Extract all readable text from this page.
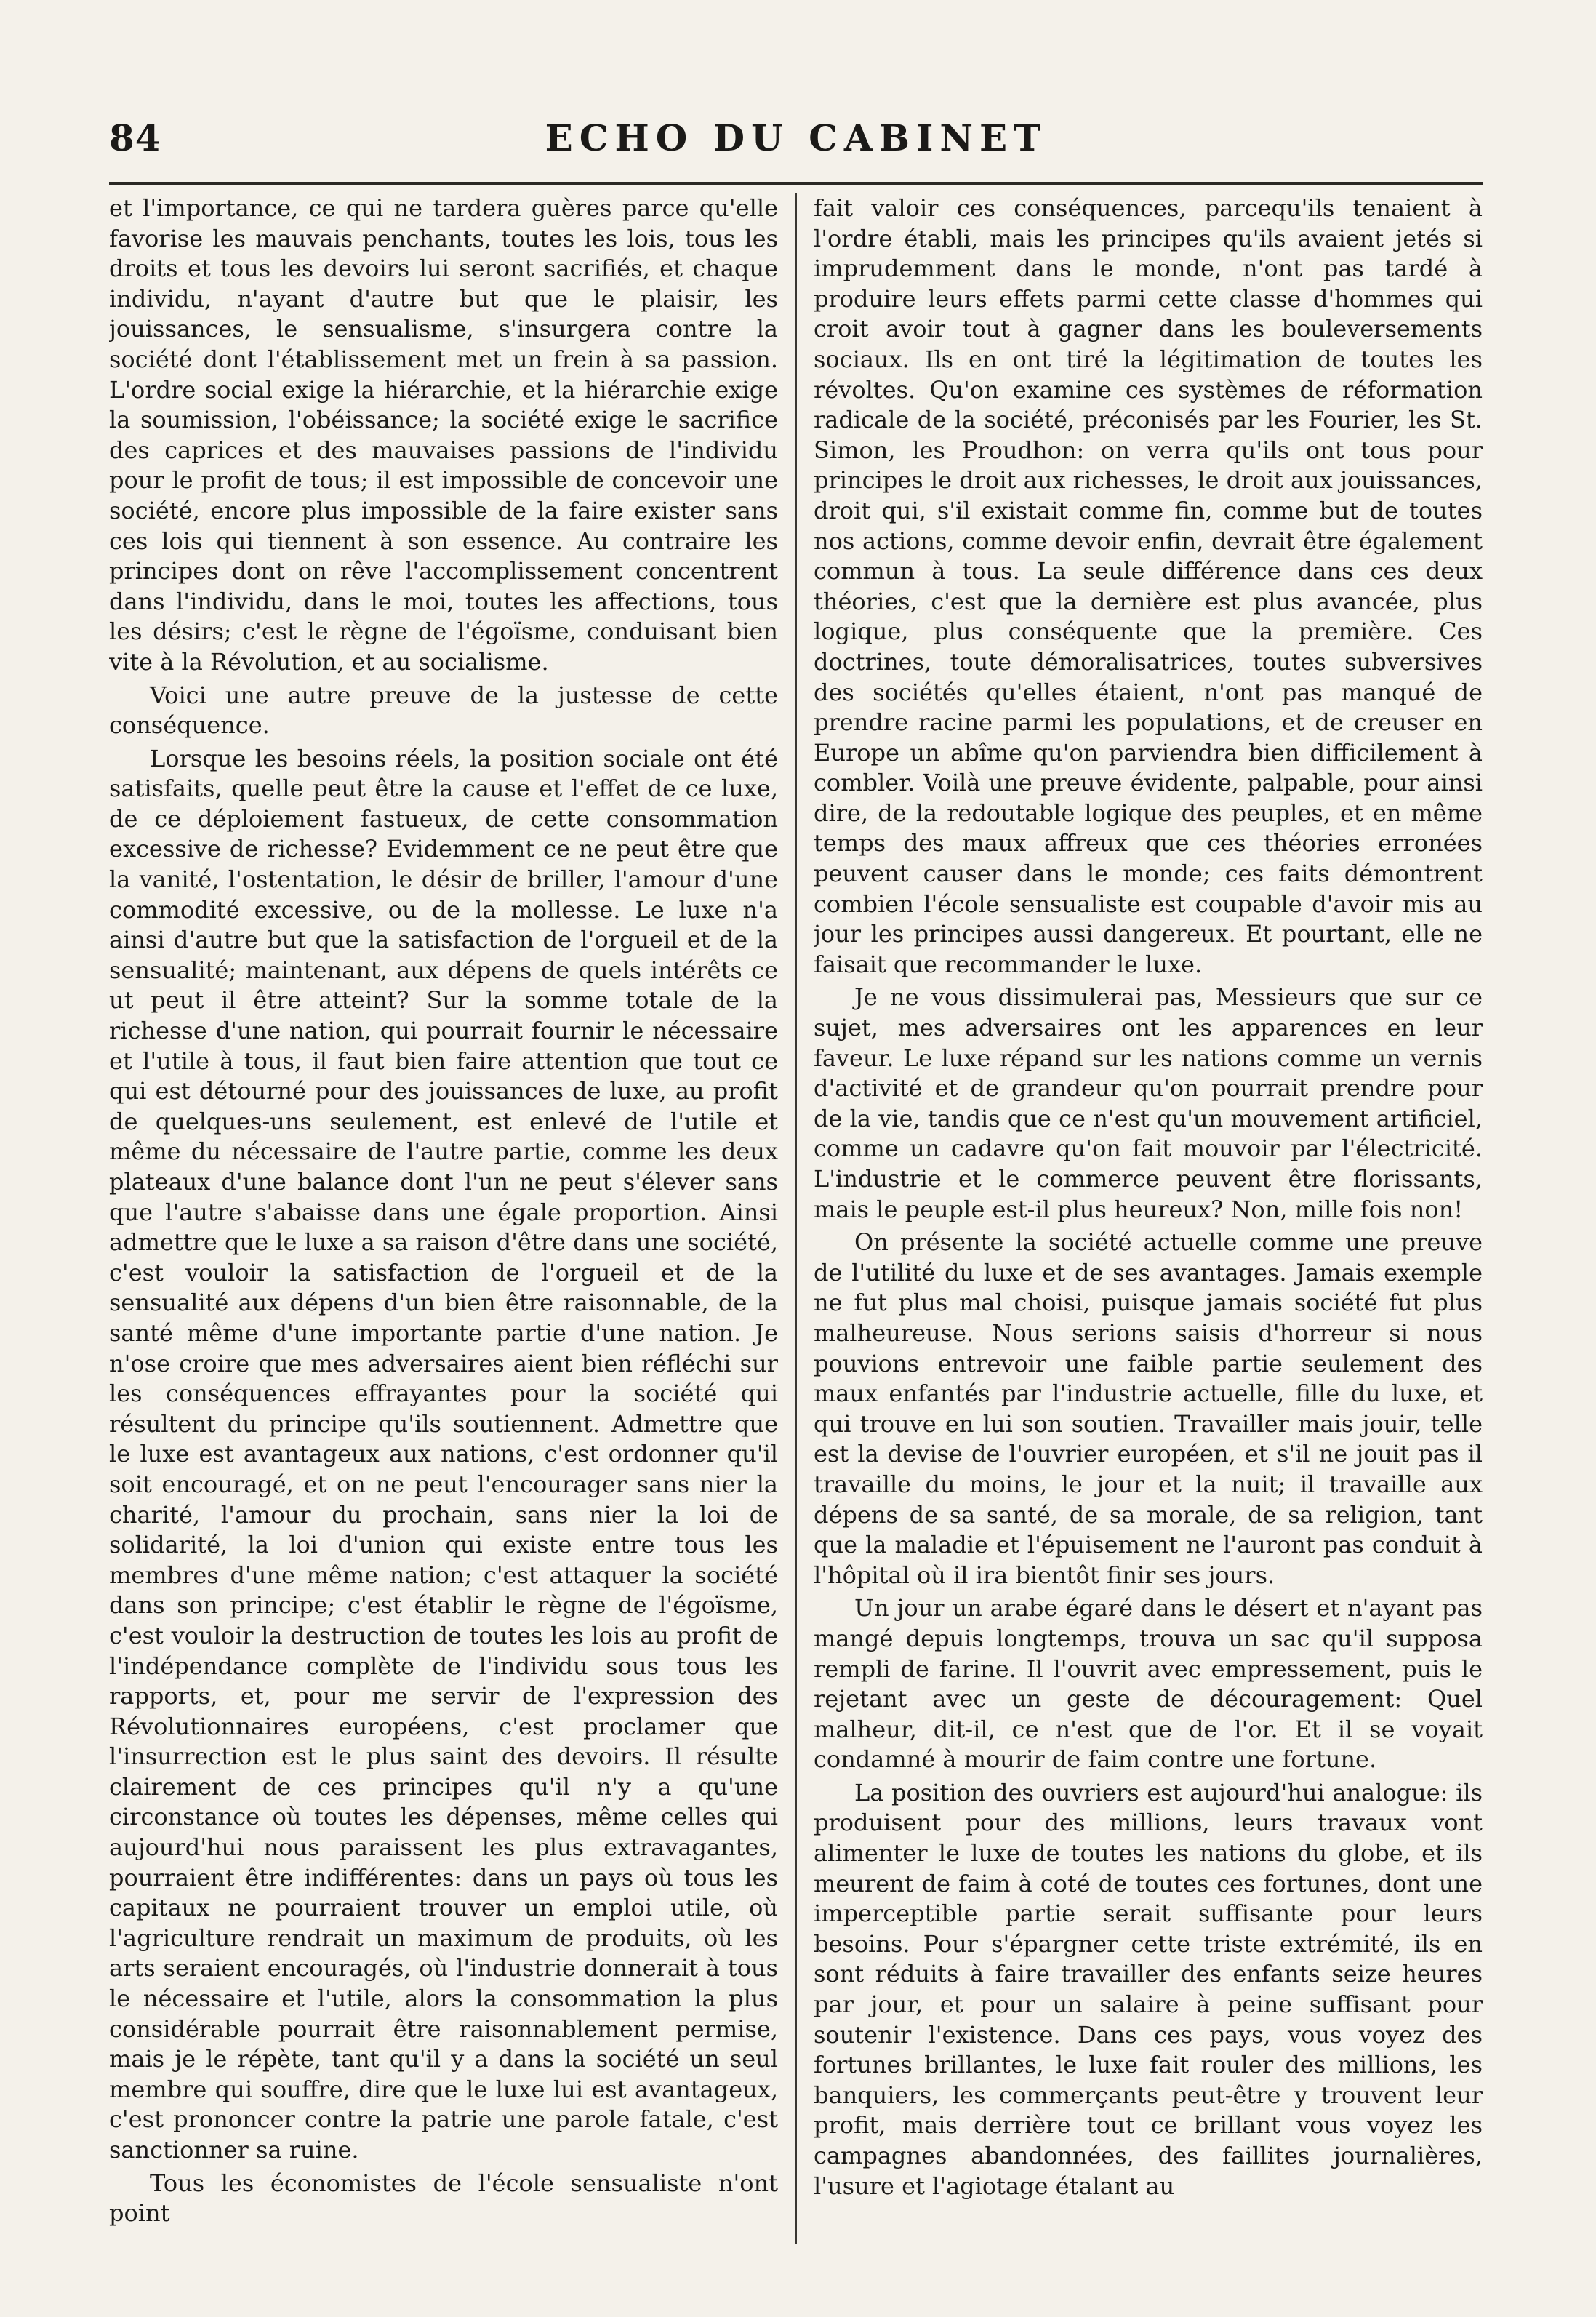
84	ECHO DU CABINET

et l'importance, ce qui ne tardera guères parce qu'elle favorise les mauvais penchants, toutes les lois, tous les droits et tous les devoirs lui seront sacrifiés, et chaque individu, n'ayant d'autre but que le plaisir, les jouissances, le sensualisme, s'insurgera contre la société dont l'établissement met un frein à sa passion. L'ordre social exige la hiérarchie, et la hiérarchie exige la soumission, l'obéissance; la société exige le sacrifice des caprices et des mauvaises passions de l'individu pour le profit de tous; il est impossible de concevoir une société, encore plus impossible de la faire exister sans ces lois qui tiennent à son essence. Au contraire les principes dont on rêve l'accomplissement concentrent dans l'individu, dans le moi, toutes les affections, tous les désirs; c'est le règne de l'égoïsme, conduisant bien vite à la Révolution, et au socialisme.

Voici une autre preuve de la justesse de cette conséquence.

Lorsque les besoins réels, la position sociale ont été satisfaits, quelle peut être la cause et l'effet de ce luxe, de ce déploiement fastueux, de cette consommation excessive de richesse? Evidemment ce ne peut être que la vanité, l'ostentation, le désir de briller, l'amour d'une commodité excessive, ou de la mollesse. Le luxe n'a ainsi d'autre but que la satisfaction de l'orgueil et de la sensualité; maintenant, aux dépens de quels intérêts ce ut peut il être atteint? Sur la somme totale de la richesse d'une nation, qui pourrait fournir le nécessaire et l'utile à tous, il faut bien faire attention que tout ce qui est détourné pour des jouissances de luxe, au profit de quelques-uns seulement, est enlevé de l'utile et même du nécessaire de l'autre partie, comme les deux plateaux d'une balance dont l'un ne peut s'élever sans que l'autre s'abaisse dans une égale proportion. Ainsi admettre que le luxe a sa raison d'être dans une société, c'est vouloir la satisfaction de l'orgueil et de la sensualité aux dépens d'un bien être raisonnable, de la santé même d'une importante partie d'une nation. Je n'ose croire que mes adversaires aient bien réfléchi sur les conséquences effrayantes pour la société qui résultent du principe qu'ils soutiennent. Admettre que le luxe est avantageux aux nations, c'est ordonner qu'il soit encouragé, et on ne peut l'encourager sans nier la charité, l'amour du prochain, sans nier la loi de solidarité, la loi d'union qui existe entre tous les membres d'une même nation; c'est attaquer la société dans son principe; c'est établir le règne de l'égoïsme, c'est vouloir la destruction de toutes les lois au profit de l'indépendance complète de l'individu sous tous les rapports, et, pour me servir de l'expression des Révolutionnaires européens, c'est proclamer que l'insurrection est le plus saint des devoirs. Il résulte clairement de ces principes qu'il n'y a qu'une circonstance où toutes les dépenses, même celles qui aujourd'hui nous paraissent les plus extravagantes, pourraient être indifférentes: dans un pays où tous les capitaux ne pourraient trouver un emploi utile, où l'agriculture rendrait un maximum de produits, où les arts seraient encouragés, où l'industrie donnerait à tous le nécessaire et l'utile, alors la consommation la plus considérable pourrait être raisonnablement permise, mais je le répète, tant qu'il y a dans la société un seul membre qui souffre, dire que le luxe lui est avantageux, c'est prononcer contre la patrie une parole fatale, c'est sanctionner sa ruine.

Tous les économistes de l'école sensualiste n'ont point

fait valoir ces conséquences, parcequ'ils tenaient à l'ordre établi, mais les principes qu'ils avaient jetés si imprudemment dans le monde, n'ont pas tardé à produire leurs effets parmi cette classe d'hommes qui croit avoir tout à gagner dans les bouleversements sociaux. Ils en ont tiré la légitimation de toutes les révoltes. Qu'on examine ces systèmes de réformation radicale de la société, préconisés par les Fourier, les St. Simon, les Proudhon: on verra qu'ils ont tous pour principes le droit aux richesses, le droit aux jouissances, droit qui, s'il existait comme fin, comme but de toutes nos actions, comme devoir enfin, devrait être également commun à tous. La seule différence dans ces deux théories, c'est que la dernière est plus avancée, plus logique, plus conséquente que la première. Ces doctrines, toute démoralisatrices, toutes subversives des sociétés qu'elles étaient, n'ont pas manqué de prendre racine parmi les populations, et de creuser en Europe un abîme qu'on parviendra bien difficilement à combler. Voilà une preuve évidente, palpable, pour ainsi dire, de la redoutable logique des peuples, et en même temps des maux affreux que ces théories erronées peuvent causer dans le monde; ces faits démontrent combien l'école sensualiste est coupable d'avoir mis au jour les principes aussi dangereux. Et pourtant, elle ne faisait que recommander le luxe.

Je ne vous dissimulerai pas, Messieurs que sur ce sujet, mes adversaires ont les apparences en leur faveur. Le luxe répand sur les nations comme un vernis d'activité et de grandeur qu'on pourrait prendre pour de la vie, tandis que ce n'est qu'un mouvement artificiel, comme un cadavre qu'on fait mouvoir par l'électricité. L'industrie et le commerce peuvent être florissants, mais le peuple est-il plus heureux? Non, mille fois non!

On présente la société actuelle comme une preuve de l'utilité du luxe et de ses avantages. Jamais exemple ne fut plus mal choisi, puisque jamais société fut plus malheureuse. Nous serions saisis d'horreur si nous pouvions entrevoir une faible partie seulement des maux enfantés par l'industrie actuelle, fille du luxe, et qui trouve en lui son soutien. Travailler mais jouir, telle est la devise de l'ouvrier européen, et s'il ne jouit pas il travaille du moins, le jour et la nuit; il travaille aux dépens de sa santé, de sa morale, de sa religion, tant que la maladie et l'épuisement ne l'auront pas conduit à l'hôpital où il ira bientôt finir ses jours.

Un jour un arabe égaré dans le désert et n'ayant pas mangé depuis longtemps, trouva un sac qu'il supposa rempli de farine. Il l'ouvrit avec empressement, puis le rejetant avec un geste de découragement: Quel malheur, dit-il, ce n'est que de l'or. Et il se voyait condamné à mourir de faim contre une fortune.

La position des ouvriers est aujourd'hui analogue: ils produisent pour des millions, leurs travaux vont alimenter le luxe de toutes les nations du globe, et ils meurent de faim à coté de toutes ces fortunes, dont une imperceptible partie serait suffisante pour leurs besoins. Pour s'épargner cette triste extrémité, ils en sont réduits à faire travailler des enfants seize heures par jour, et pour un salaire à peine suffisant pour soutenir l'existence. Dans ces pays, vous voyez des fortunes brillantes, le luxe fait rouler des millions, les banquiers, les commerçants peut-être y trouvent leur profit, mais derrière tout ce brillant vous voyez les campagnes abandonnées, des faillites journalières, l'usure et l'agiotage étalant au
